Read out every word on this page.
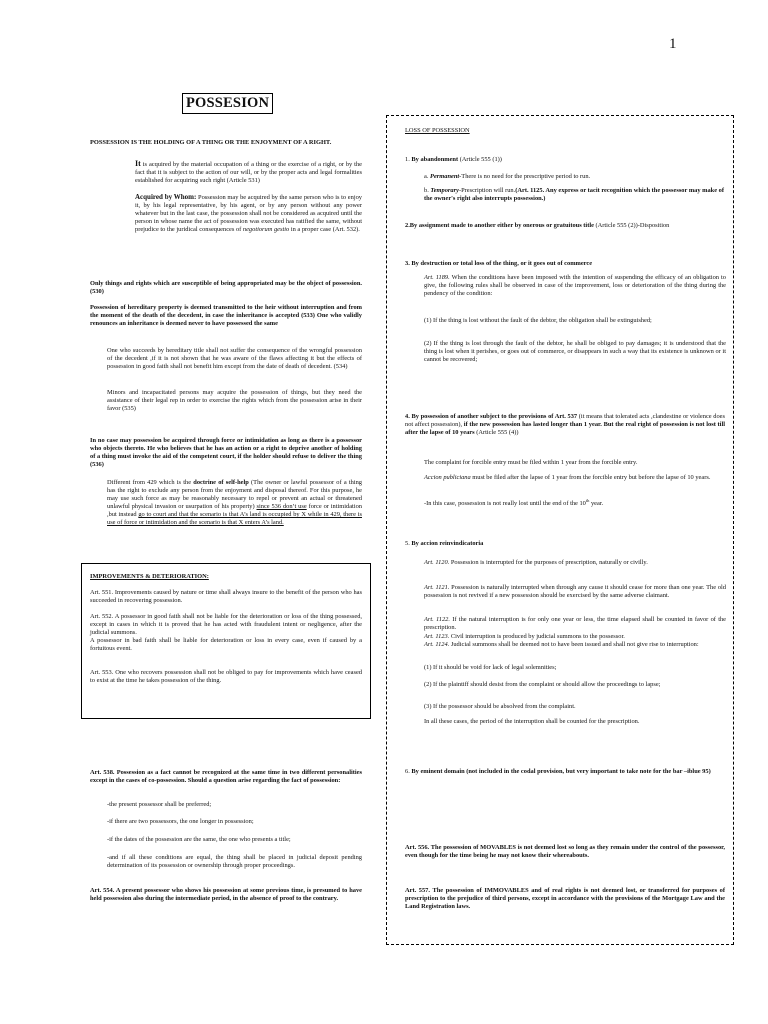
1
POSSESION

POSSESSION IS THE HOLDING OF A THING OR THE ENJOYMENT OF A RIGHT.

It is acquired by the material occupation of a thing or the exercise of a right, or by the fact that it is subject to the action of our will, or by the proper acts and legal formalities established for acquiring such right (Article 531)

Acquired by Whom: Possession may be acquired by the same person who is to enjoy it, by his legal representative, by his agent, or by any person without any power whatever but in the last case, the possession shall not be considered as acquired until the person in whose name the act of possession was executed has ratified the same, without prejudice to the juridical consequences of negotiorum gestio in a proper case (Art. 532).

Only things and rights which are susceptible of being appropriated may be the object of possession.(530)

Possession of hereditary property is deemed transmitted to the heir without interruption and from the moment of the death of the decedent, in case the inheritance is accepted (533) One who validly renounces an inheritance is deemed never to have possessed the same

One who succeeds by hereditary title shall not suffer the consequence of the wrongful possession of the decedent ,if it is not shown that he was aware of the flaws affecting it but the effects of possession in good faith shall not benefit him except from the date of death of decedent. (534)

Minors and incapacitated persons may acquire the possession of things, but they need the assistance of their legal rep in order to exercise the rights which from the possession arise in their favor (535)

In no case may possession be acquired through force or intimidation as long as there is a possessor who objects thereto. He who believes that he has an action or a right to deprive another of holding of a thing must invoke the aid of the competent court, if the holder should refuse to deliver the thing (536)

Different from 429 which is the doctrine of self-help (The owner or lawful possessor of a thing has the right to exclude any person from the enjoyment and disposal thereof. For this purpose, he may use such force as may be reasonably necessary to repel or prevent an actual or threatened unlawful physical invasion or usurpation of his property) since 536 don’t use force or intimidation ,but instead go to court and that the scenario is that A’s land is occupied by X while in 429, there is use of force or intimidation and the scenario is that X enters A’s land.

IMPROVEMENTS & DETERIORATION:

Art. 551. Improvements caused by nature or time shall always insure to the benefit of the person who has succeeded in recovering possession.

Art. 552. A possessor in good faith shall not be liable for the deterioration or loss of the thing possessed, except in cases in which it is proved that he has acted with fraudulent intent or negligence, after the judicial summons.

A possessor in bad faith shall be liable for deterioration or loss in every case, even if caused by a fortuitous event.

Art. 553. One who recovers possession shall not be obliged to pay for improvements which have ceased to exist at the time he takes possession of the thing.

Art. 538. Possession as a fact cannot be recognized at the same time in two different personalities except in the cases of co-possession. Should a question arise regarding the fact of possession:

-the present possessor shall be preferred;

-if there are two possessors, the one longer in possession;

-if the dates of the possession are the same, the one who presents a title;

-and if all these conditions are equal, the thing shall be placed in judicial deposit pending determination of its possession or ownership through proper proceedings.

Art. 554. A present possessor who shows his possession at some previous time, is presumed to have held possession also during the intermediate period, in the absence of proof to the contrary.

LOSS OF POSSESSION

1. By abandonment (Article 555 (1))

a. Permanent-There is no need for the prescriptive period to run.

b. Temporary-Prescription will run.(Art. 1125. Any express or tacit recognition which the possessor may make of the owner's right also interrupts possession.)

2.By assignment made to another either by onerous or gratuitous title (Article 555 (2))-Disposition

3. By destruction or total loss of the thing, or it goes out of commerce

Art. 1189. When the conditions have been imposed with the intention of suspending the efficacy of an obligation to give, the following rules shall be observed in case of the improvement, loss or deterioration of the thing during the pendency of the condition:

(1) If the thing is lost without the fault of the debtor, the obligation shall be extinguished;

(2) If the thing is lost through the fault of the debtor, he shall be obliged to pay damages; it is understood that the thing is lost when it perishes, or goes out of commerce, or disappears in such a way that its existence is unknown or it cannot be recovered;

4. By possession of another subject to the provisions of Art. 537 (it means that tolerated acts ,clandestine or violence does not affect possession), if the new possession has lasted longer than 1 year. But the real right of possession is not lost till after the lapse of 10 years (Article 555 (4))

The complaint for forcible entry must be filed within 1 year from the forcible entry.

Accion publiciana must be filed after the lapse of 1 year from the forcible entry but before the lapse of 10 years.

-In this case, possession is not really lost until the end of the 10th year.

5. By accion reinvindicatoria

Art. 1120. Possession is interrupted for the purposes of prescription, naturally or civilly.

Art. 1121. Possession is naturally interrupted when through any cause it should cease for more than one year. The old possession is not revived if a new possession should be exercised by the same adverse claimant.

Art. 1122. If the natural interruption is for only one year or less, the time elapsed shall be counted in favor of the prescription.

Art. 1123. Civil interruption is produced by judicial summons to the possessor.

Art. 1124. Judicial summons shall be deemed not to have been issued and shall not give rise to interruption:

(1) If it should be void for lack of legal solemnities;

(2) If the plaintiff should desist from the complaint or should allow the proceedings to lapse;

(3) If the possessor should be absolved from the complaint.

In all these cases, the period of the interruption shall be counted for the prescription.

6. By eminent domain (not included in the codal provision, but very important to take note for the bar –iblue 95)

Art. 556. The possession of MOVABLES is not deemed lost so long as they remain under the control of the possessor, even though for the time being he may not know their whereabouts.

Art. 557. The possession of IMMOVABLES and of real rights is not deemed lost, or transferred for purposes of prescription to the prejudice of third persons, except in accordance with the provisions of the Mortgage Law and the Land Registration laws.
